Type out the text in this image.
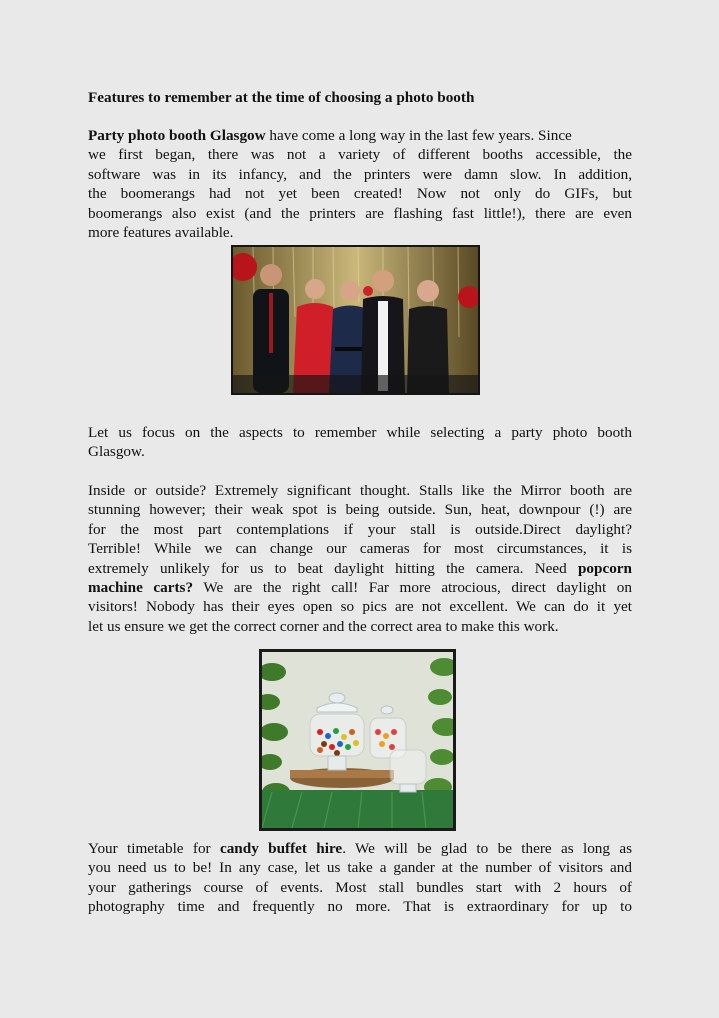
Features to remember at the time of choosing a photo booth
Party photo booth Glasgow have come a long way in the last few years. Since
we first began, there was not a variety of different booths accessible, the
software was in its infancy, and the printers were damn slow. In addition,
the boomerangs had not yet been created! Now not only do GIFs, but
boomerangs also exist (and the printers are flashing fast little!), there are even
more features available.
Let us focus on the aspects to remember while selecting a party photo booth
Glasgow.
Inside or outside? Extremely significant thought. Stalls like the Mirror booth are
stunning however; their weak spot is being outside. Sun, heat, downpour (!) are
for the most part contemplations if your stall is outside.Direct daylight?
Terrible! While we can change our cameras for most circumstances, it is
extremely unlikely for us to beat daylight hitting the camera. Need popcorn
machine carts? We are the right call! Far more atrocious, direct daylight on
visitors! Nobody has their eyes open so pics are not excellent. We can do it yet
let us ensure we get the correct corner and the correct area to make this work.
Your timetable for candy buffet hire. We will be glad to be there as long as
you need us to be! In any case, let us take a gander at the number of visitors and
your gatherings course of events. Most stall bundles start with 2 hours of
photography time and frequently no more. That is extraordinary for up to
